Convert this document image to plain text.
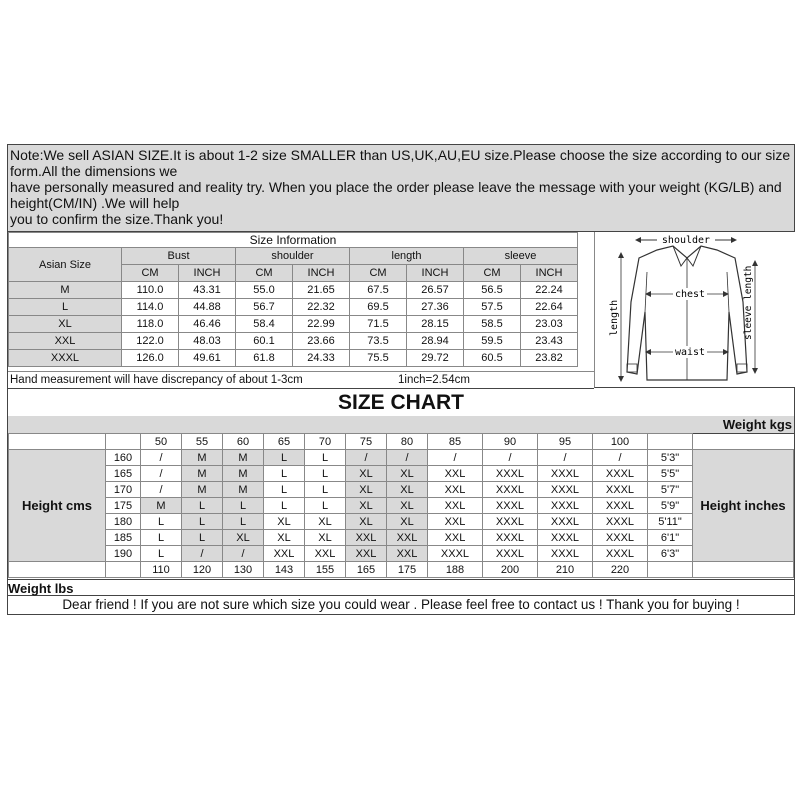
Note:We sell ASIAN SIZE.It is about 1-2 size SMALLER than US,UK,AU,EU size.Please choose the size according to our size
form.All the dimensions we
have personally measured and reality try. When you place the order please leave the message with your weight (KG/LB) and
height(CM/IN) .We will help
you to confirm the size.Thank you!
Size Information								
Asian Size	Bust		shoulder		length		sleeve	
	CM	INCH	CM	INCH	CM	INCH	CM	INCH
M	110.0	43.31	55.0	21.65	67.5	26.57	56.5	22.24
L	114.0	44.88	56.7	22.32	69.5	27.36	57.5	22.64
XL	118.0	46.46	58.4	22.99	71.5	28.15	58.5	23.03
XXL	122.0	48.03	60.1	23.66	73.5	28.94	59.5	23.43
XXXL	126.0	49.61	61.8	24.33	75.5	29.72	60.5	23.82
Hand measurement will have discrepancy of about 1-3cm	1inch=2.54cm
shoulder
chest
waist
length	sleeve length
SIZE CHART
Weight kgs
		50	55	60	65	70	75	80	85	90	95	100		
Height cms	160	/	M	M	L	L	/	/	/	/	/	/	5'3"	Height inches
	165	/	M	M	L	L	XL	XL	XXL	XXXL	XXXL	XXXL	5'5"	
	170	/	M	M	L	L	XL	XL	XXL	XXXL	XXXL	XXXL	5'7"	
	175	M	L	L	L	L	XL	XL	XXL	XXXL	XXXL	XXXL	5'9"	
	180	L	L	L	XL	XL	XL	XL	XXL	XXXL	XXXL	XXXL	5'11"	
	185	L	L	XL	XL	XL	XXL	XXL	XXL	XXXL	XXXL	XXXL	6'1"	
	190	L	/	/	XXL	XXL	XXL	XXL	XXXL	XXXL	XXXL	XXXL	6'3"	
		110	120	130	143	155	165	175	188	200	210	220		
Weight lbs
Dear friend ! If you are not sure which size you could wear . Please feel free to contact us ! Thank you for buying !
